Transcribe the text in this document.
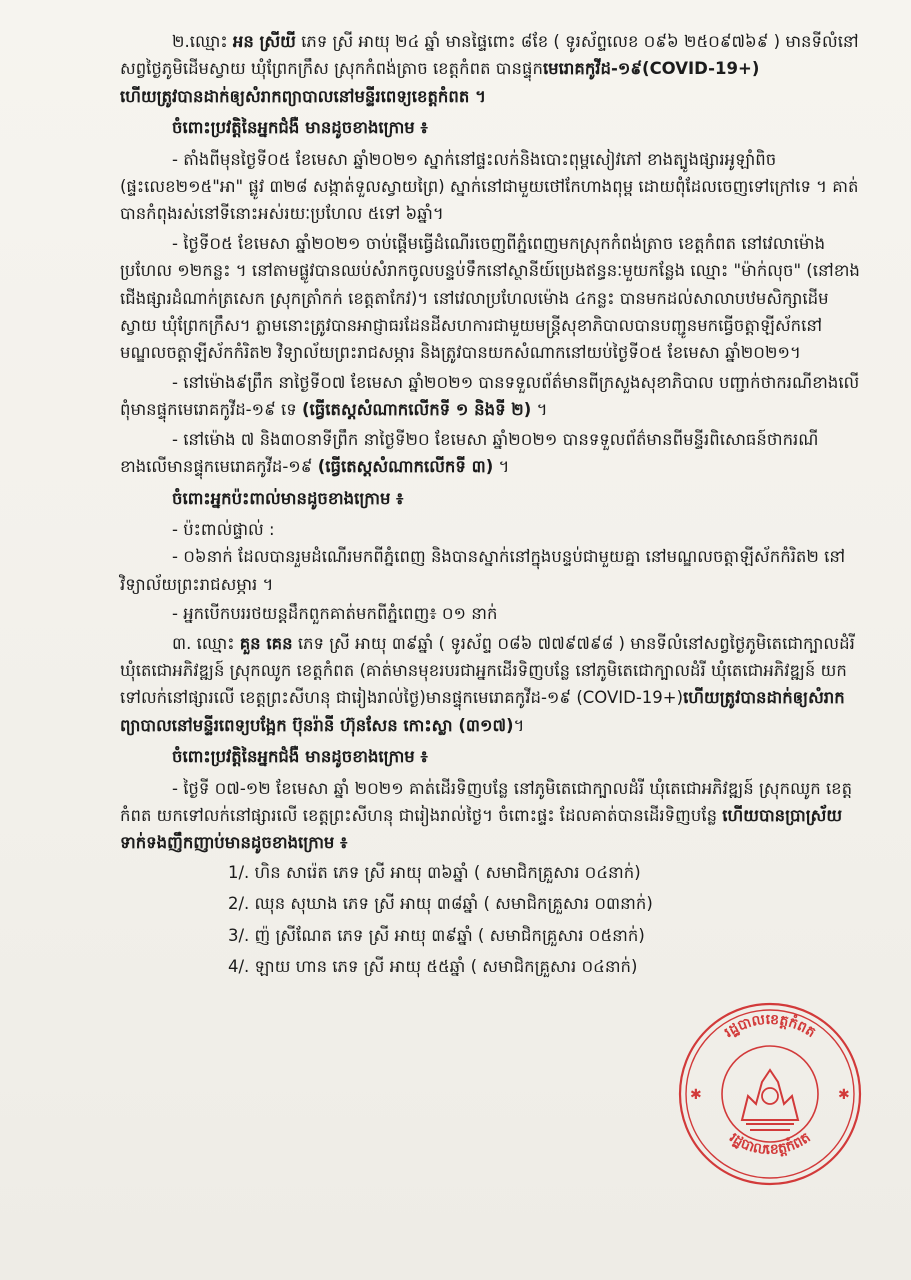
២.ឈ្មោះ អន ស្រីយី ភេទ ស្រី អាយុ ២៤ ឆ្នាំ មានផ្ទៃពោះ ៨ខែ ( ទូរស័ព្ទលេខ ០៩៦ ២៥០៩៧៦៩ ) មានទីលំនៅសព្វថ្ងៃភូមិដើមស្វាយ ឃុំព្រែកក្រឹស ស្រុកកំពង់ត្រាច ខេត្តកំពត បានផ្ទុកមេរោគកូវីដ-១៩(COVID-19+)
ហើយត្រូវបានដាក់ឲ្យសំរាកព្យាបាលនៅមន្ទីរពេទ្យខេត្តកំពត ។

ចំពោះប្រវត្តិនៃអ្នកជំងឺ មានដូចខាងក្រោម ៖

- តាំងពីមុនថ្ងៃទី០៥ ខែមេសា ឆ្នាំ២០២១ ស្នាក់នៅផ្ទះលក់និងបោះពុម្ពសៀវភៅ ខាងត្បូងផ្សារអូឡាំពិច (ផ្ទះលេខ២១៥"អា" ផ្លូវ ៣២៨ សង្កាត់ទួលស្វាយព្រៃ) ស្នាក់នៅជាមួយថៅកែហាងពុម្ព ដោយពុំដែលចេញទៅក្រៅទេ ។ គាត់បានកំពុងរស់នៅទីនោះអស់រយៈប្រហែល ៥ទៅ ៦ឆ្នាំ។

- ថ្ងៃទី០៥ ខែមេសា ឆ្នាំ២០២១ ចាប់ផ្តើមធ្វើដំណើរចេញពីភ្នំពេញមកស្រុកកំពង់ត្រាច ខេត្តកំពត នៅវេលាម៉ោងប្រហែល ១២កន្លះ ។ នៅតាមផ្លូវបានឈប់សំរាកចូលបន្ទប់ទឹកនៅស្ថានីយ៍ប្រេងឥន្ធនៈមួយកន្លែង ឈ្មោះ "ម៉ាក់លុច" (នៅខាងជើងផ្សារដំណាក់ត្រសេក ស្រុកត្រាំកក់ ខេត្តតាកែវ)។ នៅវេលាប្រហែលម៉ោង ៤កន្លះ បានមកដល់សាលាបឋមសិក្សាដើមស្វាយ ឃុំព្រែកក្រឹស។ ភ្លាមនោះត្រូវបានអាជ្ញាធរដែនដីសហការជាមួយមន្ត្រីសុខាភិបាលបានបញ្ជូនមកធ្វើចត្តាឡីស័កនៅមណ្ឌលចត្តាឡីស័កកំរិត២ វិទ្យាល័យព្រះរាជសម្ភារ និងត្រូវបានយកសំណាកនៅយប់ថ្ងៃទី០៥ ខែមេសា ឆ្នាំ២០២១។

- នៅម៉ោង៩ព្រឹក នាថ្ងៃទី០៧ ខែមេសា ឆ្នាំ២០២១ បានទទួលព័ត៌មានពីក្រសួងសុខាភិបាល បញ្ជាក់ថាករណីខាងលើពុំមានផ្ទុកមេរោគកូវីដ-១៩ ទេ (ធ្វើតេស្តសំណាកលើកទី ១ និងទី ២) ។

- នៅម៉ោង ៧ និង៣០នាទីព្រឹក នាថ្ងៃទី២០ ខែមេសា ឆ្នាំ២០២១ បានទទួលព័ត៌មានពីមន្ទីរពិសោធន៍ថាករណីខាងលើមានផ្ទុកមេរោគកូវីដ-១៩ (ធ្វើតេស្តសំណាកលើកទី ៣) ។

ចំពោះអ្នកប៉ះពាល់មានដូចខាងក្រោម ៖

- ប៉ះពាល់ផ្ទាល់ :

- ០៦នាក់ ដែលបានរួមដំណើរមកពីភ្នំពេញ និងបានស្នាក់នៅក្នុងបន្ទប់ជាមួយគ្នា នៅមណ្ឌលចត្តាឡីស័កកំរិត២ នៅវិទ្យាល័យព្រះរាជសម្ភារ ។

- អ្នកបើកបររថយន្តដឹកពួកគាត់មកពីភ្នំពេញ៖ ០១ នាក់

៣. ឈ្មោះ គួន គេន ភេទ ស្រី អាយុ ៣៩ឆ្នាំ ( ទូរស័ព្ទ ០៨៦ ៧៧៩៧៩៨ ) មានទីលំនៅសព្វថ្ងៃភូមិតេជោក្បាលដំរី ឃុំតេជោអភិវឌ្ឍន៍ ស្រុកឈូក ខេត្តកំពត (គាត់មានមុខរបរជាអ្នកដើរទិញបន្លែ នៅភូមិតេជោក្បាលដំរី ឃុំតេជោអភិវឌ្ឍន៍ យកទៅលក់នៅផ្សារលើ ខេត្តព្រះសីហនុ ជារៀងរាល់ថ្ងៃ)មានផ្ទុកមេរោគកូវីដ-១៩ (COVID-19+)ហើយត្រូវបានដាក់ឲ្យសំរាកព្យាបាលនៅមន្ទីរពេទ្យបង្អែក ប៊ុនរ៉ានី ហ៊ុនសែន កោះស្លា (៣១៧)។

ចំពោះប្រវត្តិនៃអ្នកជំងឺ មានដូចខាងក្រោម ៖

- ថ្ងៃទី ០៧-១២ ខែមេសា ឆ្នាំ ២០២១ គាត់ដើរទិញបន្លែ នៅភូមិតេជោក្បាលដំរី ឃុំតេជោអភិវឌ្ឍន៍ ស្រុកឈូក ខេត្តកំពត យកទៅលក់នៅផ្សារលើ ខេត្តព្រះសីហនុ ជារៀងរាល់ថ្ងៃ។ ចំពោះផ្ទះ ដែលគាត់បានដើរទិញបន្លែ ហើយបានប្រាស្រ័យទាក់ទងញឹកញាប់មានដូចខាងក្រោម ៖

1/. ហិន សារ៉េត ភេទ ស្រី អាយុ ៣៦ឆ្នាំ ( សមាជិកគ្រួសារ ០៤នាក់)

2/. ឈុន សុឃាង ភេទ ស្រី អាយុ ៣៨ឆ្នាំ ( សមាជិកគ្រួសារ ០៣នាក់)

3/. ញ៉ ស្រីណែត ភេទ ស្រី អាយុ ៣៩ឆ្នាំ ( សមាជិកគ្រួសារ ០៥នាក់)

4/. ឡាយ ហាន ភេទ ស្រី អាយុ ៥៥ឆ្នាំ ( សមាជិកគ្រួសារ ០៤នាក់)

រដ្ឋបាលខេត្តកំពត
រដ្ឋបាលខេត្តកំពត
✱	✱
